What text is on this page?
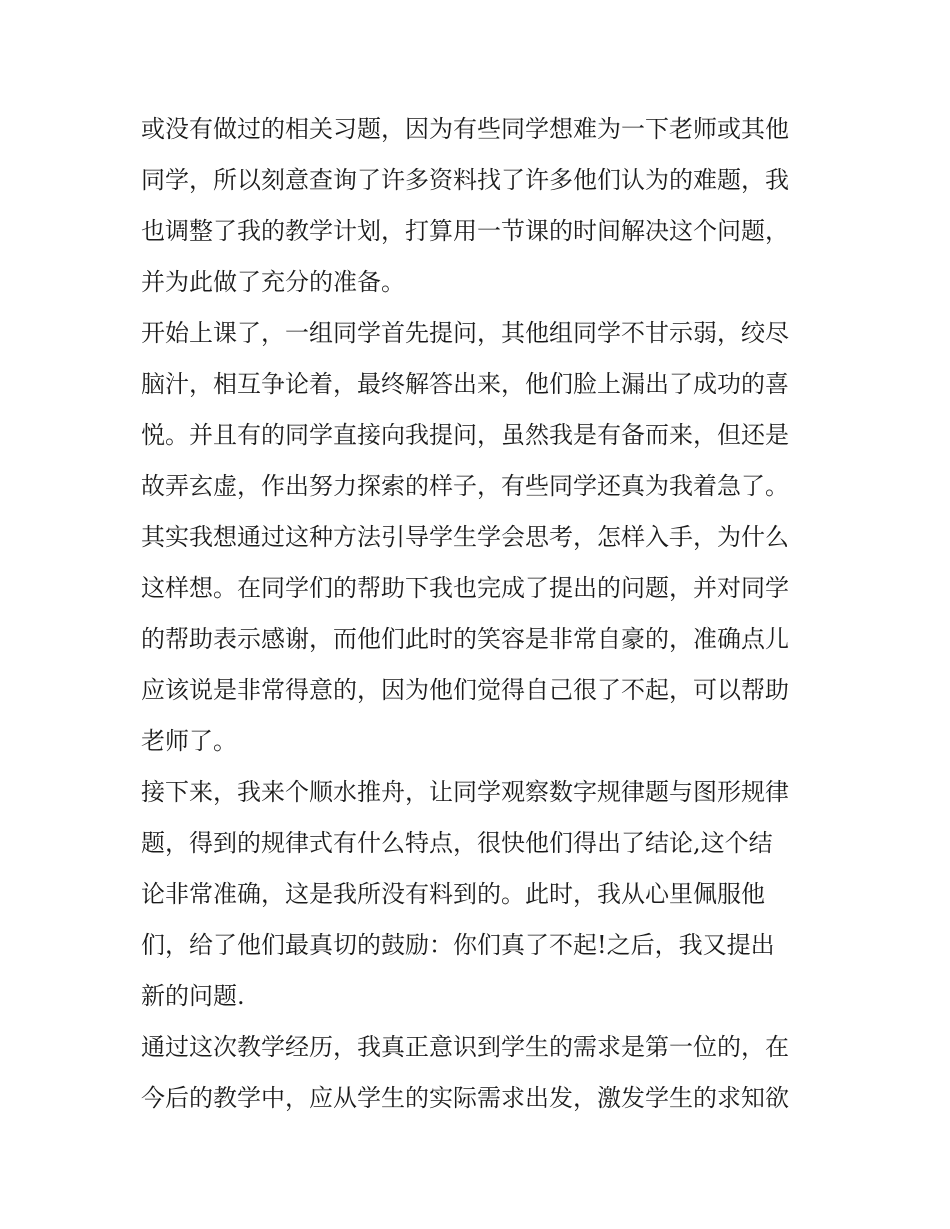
或没有做过的相关习题，因为有些同学想难为一下老师或其他
同学，所以刻意查询了许多资料找了许多他们认为的难题，我
也调整了我的教学计划，打算用一节课的时间解决这个问题，
并为此做了充分的准备。
开始上课了，一组同学首先提问，其他组同学不甘示弱，绞尽
脑汁，相互争论着，最终解答出来，他们脸上漏出了成功的喜
悦。并且有的同学直接向我提问，虽然我是有备而来，但还是
故弄玄虚，作出努力探索的样子，有些同学还真为我着急了。
其实我想通过这种方法引导学生学会思考，怎样入手，为什么
这样想。在同学们的帮助下我也完成了提出的问题，并对同学
的帮助表示感谢，而他们此时的笑容是非常自豪的，准确点儿
应该说是非常得意的，因为他们觉得自己很了不起，可以帮助
老师了。
接下来，我来个顺水推舟，让同学观察数字规律题与图形规律
题，得到的规律式有什么特点，很快他们得出了结论,这个结
论非常准确，这是我所没有料到的。此时，我从心里佩服他
们，给了他们最真切的鼓励：你们真了不起!之后，我又提出
新的问题.
通过这次教学经历，我真正意识到学生的需求是第一位的，在
今后的教学中，应从学生的实际需求出发，激发学生的求知欲
